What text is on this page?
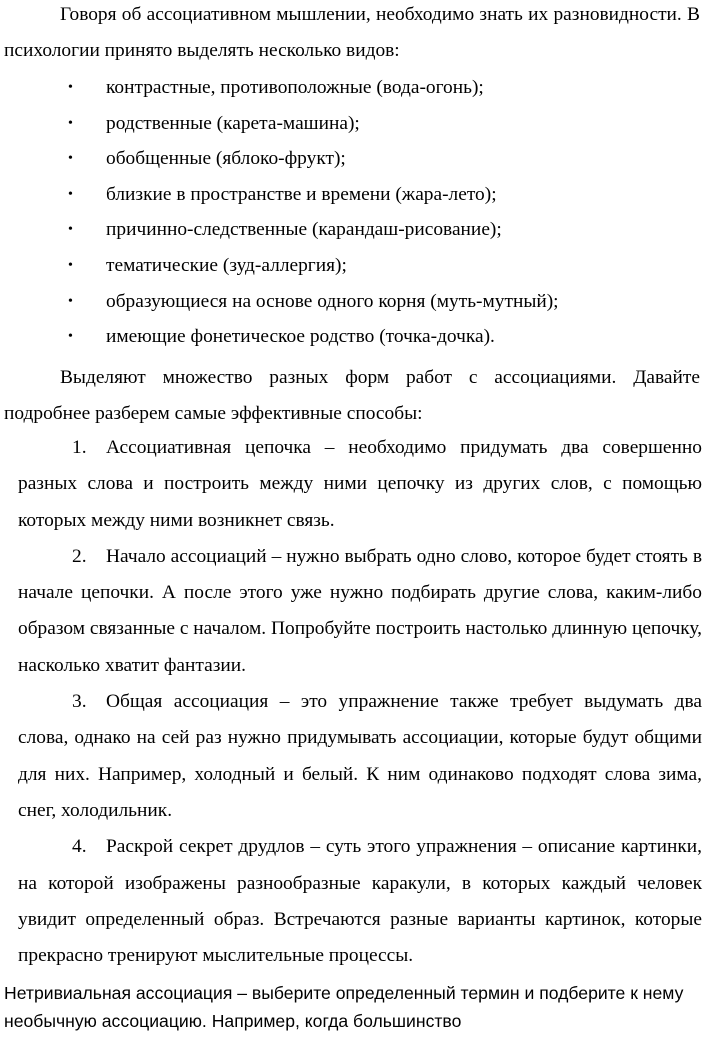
Говоря об ассоциативном мышлении, необходимо знать их разновидности. В психологии принято выделять несколько видов:

•	контрастные, противоположные (вода-огонь);
•	родственные (карета-машина);
•	обобщенные (яблоко-фрукт);
•	близкие в пространстве и времени (жара-лето);
•	причинно-следственные (карандаш-рисование);
•	тематические (зуд-аллергия);
•	образующиеся на основе одного корня (муть-мутный);
•	имеющие фонетическое родство (точка-дочка).

Выделяют множество разных форм работ с ассоциациями. Давайте подробнее разберем самые эффективные способы:

1.	Ассоциативная цепочка – необходимо придумать два совершенно разных слова и построить между ними цепочку из других слов, с помощью которых между ними возникнет связь.
2.	Начало ассоциаций – нужно выбрать одно слово, которое будет стоять в начале цепочки. А после этого уже нужно подбирать другие слова, каким-либо образом связанные с началом. Попробуйте построить настолько длинную цепочку, насколько хватит фантазии.
3.	Общая ассоциация – это упражнение также требует выдумать два слова, однако на сей раз нужно придумывать ассоциации, которые будут общими для них. Например, холодный и белый. К ним одинаково подходят слова зима, снег, холодильник.
4.	Раскрой секрет друдлов – суть этого упражнения – описание картинки, на которой изображены разнообразные каракули, в которых каждый человек увидит определенный образ. Встречаются разные варианты картинок, которые прекрасно тренируют мыслительные процессы.

Нетривиальная ассоциация – выберите определенный термин и подберите к нему необычную ассоциацию. Например, когда большинство
